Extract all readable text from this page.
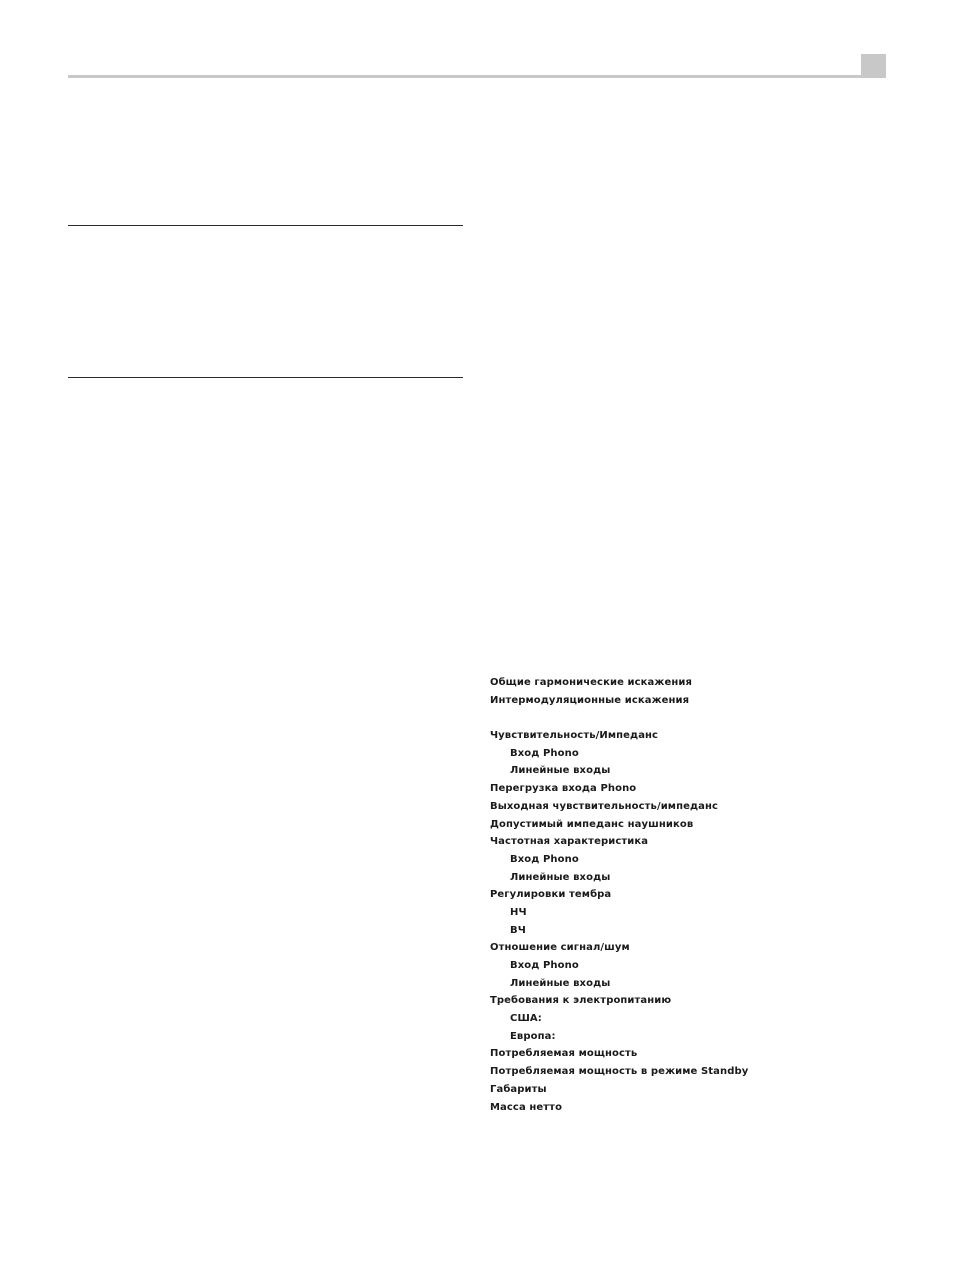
Общие гармонические искажения
Интермодуляционные искажения
Чувствительность/Импеданс
Вход Phono
Линейные входы
Перегрузка входа Phono
Выходная чувствительность/импеданс
Допустимый импеданс наушников
Частотная характеристика
Вход Phono
Линейные входы
Регулировки тембра
НЧ
ВЧ
Отношение сигнал/шум
Вход Phono
Линейные входы
Требования к электропитанию
США:
Европа:
Потребляемая мощность
Потребляемая мощность в режиме Standby
Габариты
Масса нетто
